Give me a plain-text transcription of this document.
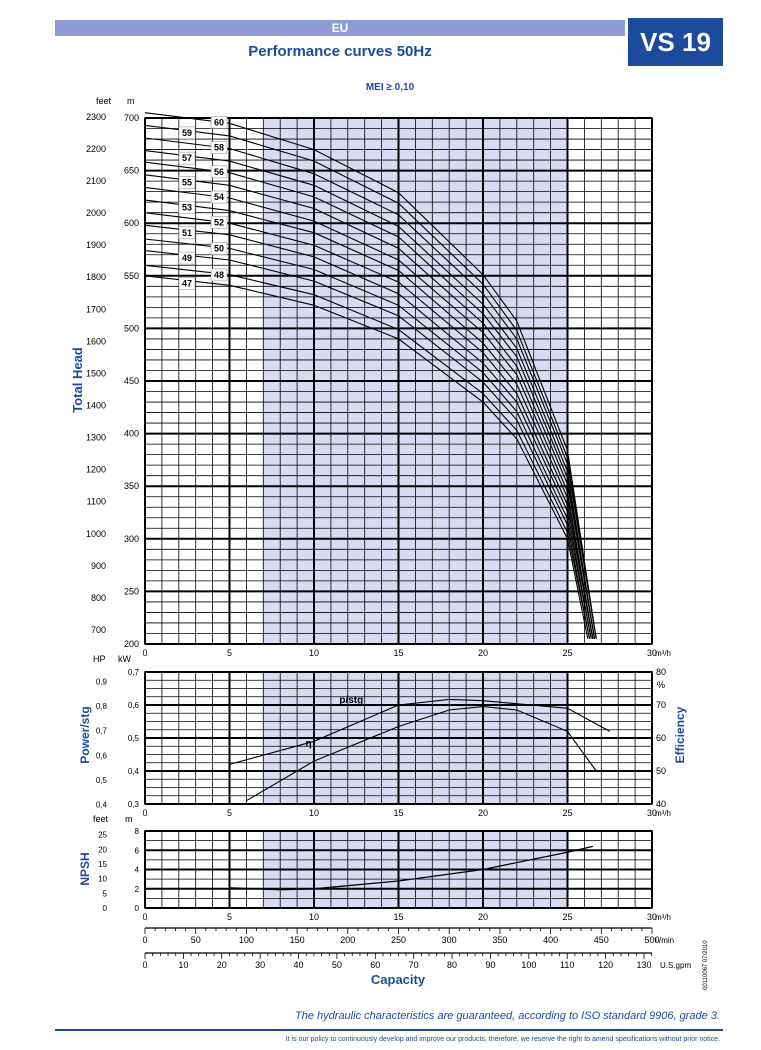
EU	VS 19
Performance curves 50Hz
MEI ≥ 0,10
200
250
300
350
400
450
500
550
600
650
700
700
800
900
1000
1100
1200
1300
1400
1500
1600
1700
1800
1900
2000
2100
2200
2300
feet m
Total Head
0	5	10	15	20	25	30
m³/h
47
48
49
50
51
52
53
54
55
56
57
58
59
60
0,3
0,4
0,5
0,6
0,7
0,4
0,5
0,6
0,7
0,8
0,9
40
50
60
70
80
HP kW
%
Power/stg	Efficiency
0	5	10	15	20	25	30
m³/h
p/stg
η
0
2
4
6
8
0
5
10
15
20
25
feet m
NPSH
0	5	10	15	20	25	30
m³/h
0	50	100	150	200	250	300	350	400	450	500
l /min
0	10	20	30	40	50	60	70	80	90	100	110	120	130 U.S.gpm
Capacity
The hydraulic characteristics are guaranteed, according to ISO standard 9906, grade 3.
It is our policy to continuously develop and improve our products, therefore, we reserve the right to amend specifications without prior notice.
00110067 07/2010
